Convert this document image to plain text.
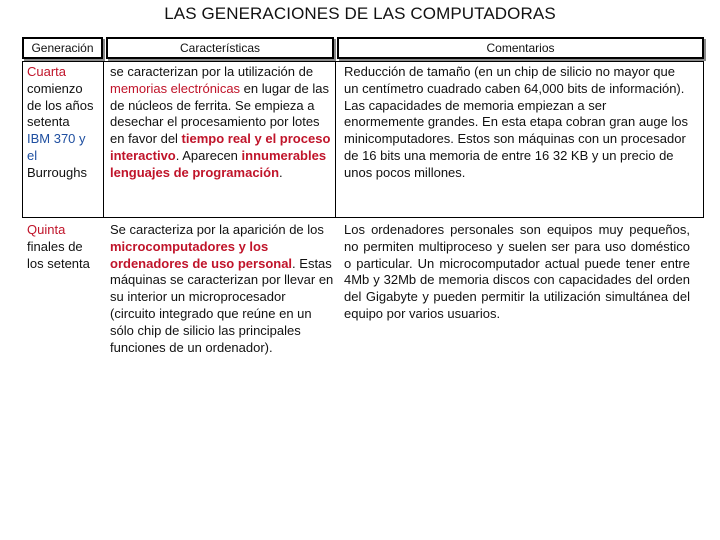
LAS GENERACIONES DE LAS COMPUTADORAS
Generación	Características	Comentarios
Cuarta
comienzo de los años setenta
IBM 370 y el
Burroughs
se caracterizan por la utilización de memorias electrónicas en lugar de las de núcleos de ferrita. Se empieza a desechar el procesamiento por lotes en favor del tiempo real y el proceso interactivo. Aparecen innumerables lenguajes de programación.
Reducción de tamaño (en un chip de silicio no mayor que un centímetro cuadrado caben 64,000 bits de información). Las capacidades de memoria empiezan a ser enormemente grandes. En esta etapa cobran gran auge los minicomputadores. Estos son máquinas con un procesador de 16 bits una memoria de entre 16 32 KB y un precio de unos pocos millones.
Quinta
finales de los setenta
Se caracteriza por la aparición de los microcomputadores y los ordenadores de uso personal. Estas máquinas se caracterizan por llevar en su interior un microprocesador (circuito integrado que reúne en un sólo chip de silicio las principales funciones de un ordenador).
Los ordenadores personales son equipos muy pequeños, no permiten multiproceso y suelen ser para uso doméstico o particular. Un microcomputador actual puede tener entre 4Mb y 32Mb de memoria discos con capacidades del orden del Gigabyte y pueden permitir la utilización simultánea del equipo por varios usuarios.
